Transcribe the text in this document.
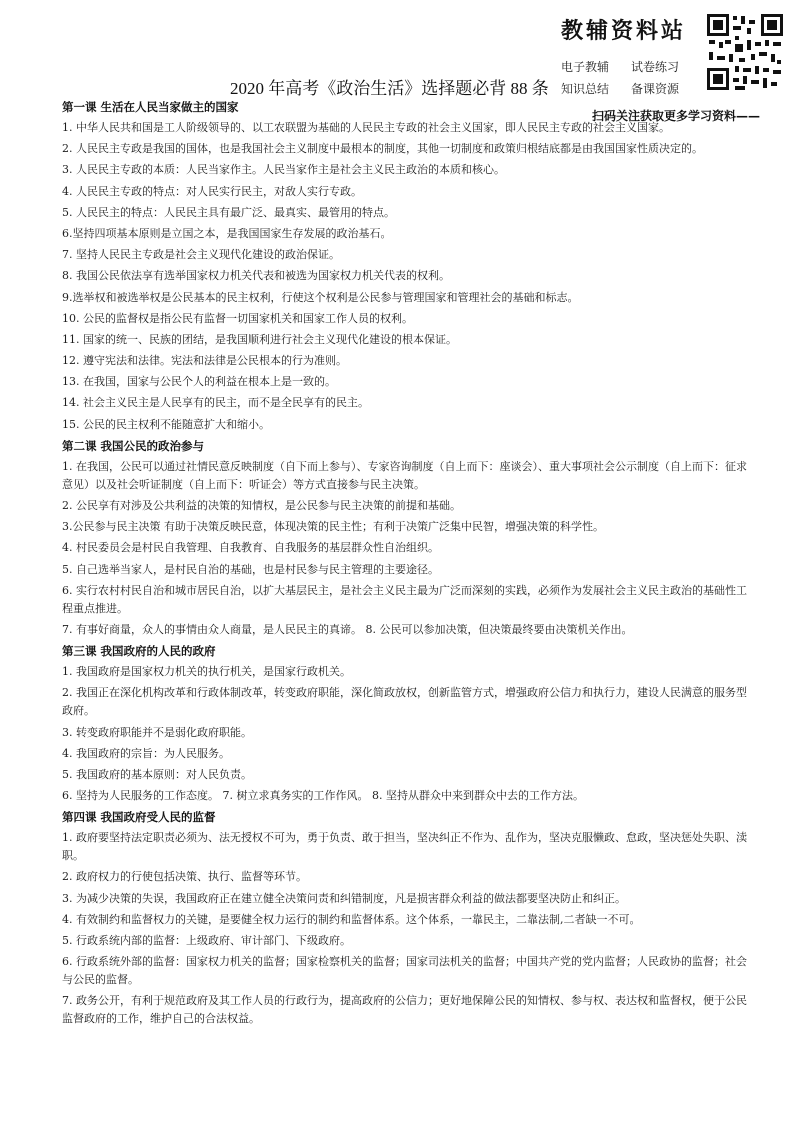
教辅资料站
电子教辅	试卷练习
知识总结	备课资源
扫码关注获取更多学习资料——
2020 年高考《政治生活》选择题必背 88 条
第一课 生活在人民当家做主的国家

1. 中华人民共和国是工人阶级领导的、以工农联盟为基础的人民民主专政的社会主义国家，即人民民主专政的社会主义国家。

2. 人民民主专政是我国的国体，也是我国社会主义制度中最根本的制度，其他一切制度和政策归根结底都是由我国国家性质决定的。

3. 人民民主专政的本质：人民当家作主。人民当家作主是社会主义民主政治的本质和核心。

4. 人民民主专政的特点：对人民实行民主，对敌人实行专政。

5. 人民民主的特点：人民民主具有最广泛、最真实、最管用的特点。

6.坚持四项基本原则是立国之本，是我国国家生存发展的政治基石。

7. 坚持人民民主专政是社会主义现代化建设的政治保证。

8. 我国公民依法享有选举国家权力机关代表和被选为国家权力机关代表的权利。

9.选举权和被选举权是公民基本的民主权利，行使这个权利是公民参与管理国家和管理社会的基础和标志。

10. 公民的监督权是指公民有监督一切国家机关和国家工作人员的权利。

11. 国家的统一、民族的团结，是我国顺利进行社会主义现代化建设的根本保证。

12. 遵守宪法和法律。宪法和法律是公民根本的行为准则。

13. 在我国，国家与公民个人的利益在根本上是一致的。

14. 社会主义民主是人民享有的民主，而不是全民享有的民主。

15. 公民的民主权利不能随意扩大和缩小。

第二课 我国公民的政治参与

1. 在我国，公民可以通过社情民意反映制度（自下而上参与）、专家咨询制度（自上而下：座谈会）、重大事项社会公示制度（自上而下：征求意见）以及社会听证制度（自上而下：听证会）等方式直接参与民主决策。

2. 公民享有对涉及公共利益的决策的知情权，是公民参与民主决策的前提和基础。

3.公民参与民主决策 有助于决策反映民意，体现决策的民主性；有利于决策广泛集中民智，增强决策的科学性。

4. 村民委员会是村民自我管理、自我教育、自我服务的基层群众性自治组织。

5. 自己选举当家人，是村民自治的基础，也是村民参与民主管理的主要途径。

6. 实行农村村民自治和城市居民自治，以扩大基层民主，是社会主义民主最为广泛而深刻的实践，必须作为发展社会主义民主政治的基础性工程重点推进。

7. 有事好商量，众人的事情由众人商量，是人民民主的真谛。 8. 公民可以参加决策，但决策最终要由决策机关作出。

第三课 我国政府的人民的政府

1. 我国政府是国家权力机关的执行机关，是国家行政机关。

2. 我国正在深化机构改革和行政体制改革，转变政府职能，深化简政放权，创新监管方式，增强政府公信力和执行力，建设人民满意的服务型政府。

3. 转变政府职能并不是弱化政府职能。

4. 我国政府的宗旨：为人民服务。

5. 我国政府的基本原则：对人民负责。

6. 坚持为人民服务的工作态度。 7. 树立求真务实的工作作风。 8. 坚持从群众中来到群众中去的工作方法。

第四课 我国政府受人民的监督

1. 政府要坚持法定职责必须为、法无授权不可为，勇于负责、敢于担当，坚决纠正不作为、乱作为，坚决克服懒政、怠政，坚决惩处失职、渎职。

2. 政府权力的行使包括决策、执行、监督等环节。

3. 为减少决策的失误，我国政府正在建立健全决策问责和纠错制度，凡是损害群众利益的做法都要坚决防止和纠正。

4. 有效制约和监督权力的关键，是要健全权力运行的制约和监督体系。这个体系，一靠民主，二靠法制,二者缺一不可。

5. 行政系统内部的监督：上级政府、审计部门、下级政府。

6. 行政系统外部的监督：国家权力机关的监督；国家检察机关的监督；国家司法机关的监督；中国共产党的党内监督；人民政协的监督；社会与公民的监督。

7. 政务公开，有利于规范政府及其工作人员的行政行为，提高政府的公信力；更好地保障公民的知情权、参与权、表达权和监督权，便于公民监督政府的工作，维护自己的合法权益。
